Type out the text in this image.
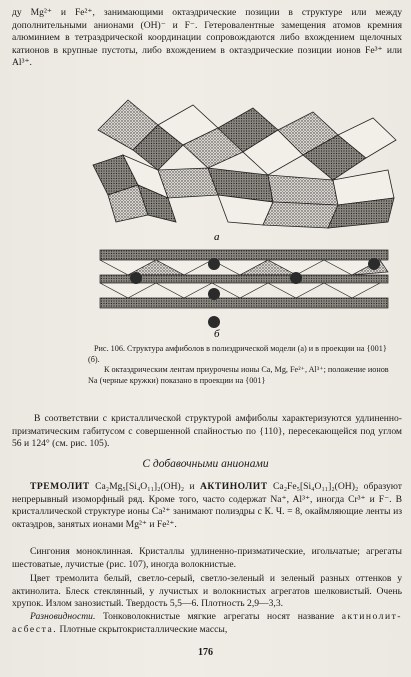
ду Mg²⁺ и Fe²⁺, занимающими октаэдрические позиции в структуре или между дополнительными анионами (OH)⁻ и F⁻. Гетеровалентные замещения атомов кремния алюминием в тетраэдрической координации сопровождаются либо вхождением щелочных катионов в крупные пустоты, либо вхождением в октаэдрические позиции ионов Fe³⁺ или Al³⁺.
а
б
Рис. 106. Структура амфиболов в полиэдрической модели (а) и в проекции на {001} (б).
К октаэдрическим лентам приурочены ионы Ca, Mg, Fe²⁺, Al³⁺; положение ионов Na (черные кружки) показано в проекции на {001}
В соответствии с кристаллической структурой амфиболы характеризуются удлиненно-призматическим габитусом с совершенной спайностью по {110}, пересекающейся под углом 56 и 124° (см. рис. 105).
С добавочными анионами
ТРЕМОЛИТ Ca₂Mg₅[Si₄O₁₁]₂(OH)₂ и АКТИНОЛИТ Ca₂Fe₅[Si₄O₁₁]₂(OH)₂ образуют непрерывный изоморфный ряд. Кроме того, часто содержат Na⁺, Al³⁺, иногда Cr³⁺ и F⁻. В кристаллической структуре ионы Ca²⁺ занимают полиэдры с К. Ч. = 8, окаймляющие ленты из октаэдров, занятых ионами Mg²⁺ и Fe²⁺.
Сингония моноклинная. Кристаллы удлиненно-призматические, игольчатые; агрегаты шестоватые, лучистые (рис. 107), иногда волокнистые.
Цвет тремолита белый, светло-серый, светло-зеленый и зеленый разных оттенков у актинолита. Блеск стеклянный, у лучистых и волокнистых агрегатов шелковистый. Очень хрупок. Излом занозистый. Твердость 5,5—6. Плотность 2,9—3,3.
Разновидности. Тонковолокнистые мягкие агрегаты носят название актинолит-асбеста. Плотные скрытокристаллические массы,
176
